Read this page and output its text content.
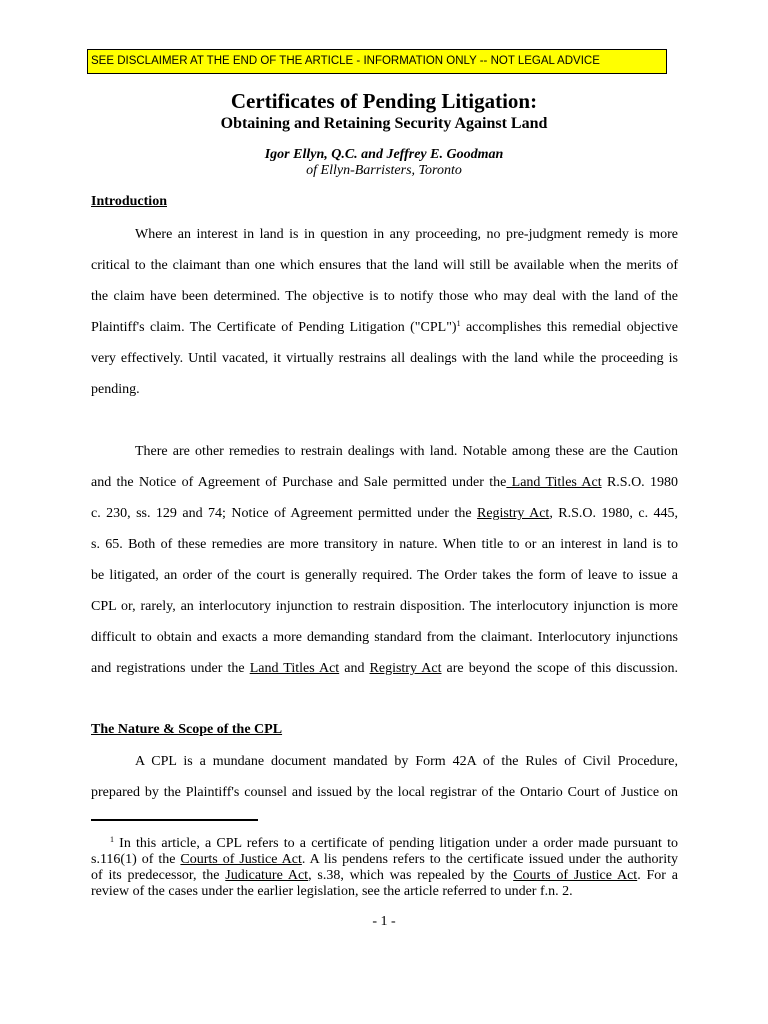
SEE DISCLAIMER AT THE END OF THE ARTICLE - INFORMATION ONLY -- NOT LEGAL ADVICE
Certificates of Pending Litigation:
Obtaining and Retaining Security Against Land
Igor Ellyn, Q.C. and Jeffrey E. Goodman
of Ellyn-Barristers, Toronto
Introduction
Where an interest in land is in question in any proceeding, no pre-judgment remedy is more
critical to the claimant than one which ensures that the land will still be available when the merits of
the claim have been determined. The objective is to notify those who may deal with the land of the
Plaintiff's claim. The Certificate of Pending Litigation ("CPL")$^1$ accomplishes this remedial objective
very effectively. Until vacated, it virtually restrains all dealings with the land while the proceeding is
pending.
There are other remedies to restrain dealings with land. Notable among these are the Caution
and the Notice of Agreement of Purchase and Sale permitted under the Land Titles Act R.S.O. 1980
c. 230, ss. 129 and 74; Notice of Agreement permitted under the Registry Act, R.S.O. 1980, c. 445,
s. 65. Both of these remedies are more transitory in nature. When title to or an interest in land is to
be litigated, an order of the court is generally required. The Order takes the form of leave to issue a
CPL or, rarely, an interlocutory injunction to restrain disposition. The interlocutory injunction is more
difficult to obtain and exacts a more demanding standard from the claimant. Interlocutory injunctions
and registrations under the Land Titles Act and Registry Act are beyond the scope of this discussion.
The Nature & Scope of the CPL
A CPL is a mundane document mandated by Form 42A of the Rules of Civil Procedure,
prepared by the Plaintiff's counsel and issued by the local registrar of the Ontario Court of Justice on
$^1$ In this article, a CPL refers to a certificate of pending litigation under a order made pursuant to
s.116(1) of the Courts of Justice Act. A lis pendens refers to the certificate issued under the authority
of its predecessor, the Judicature Act, s.38, which was repealed by the Courts of Justice Act. For a
review of the cases under the earlier legislation, see the article referred to under f.n. 2.
- 1 -
